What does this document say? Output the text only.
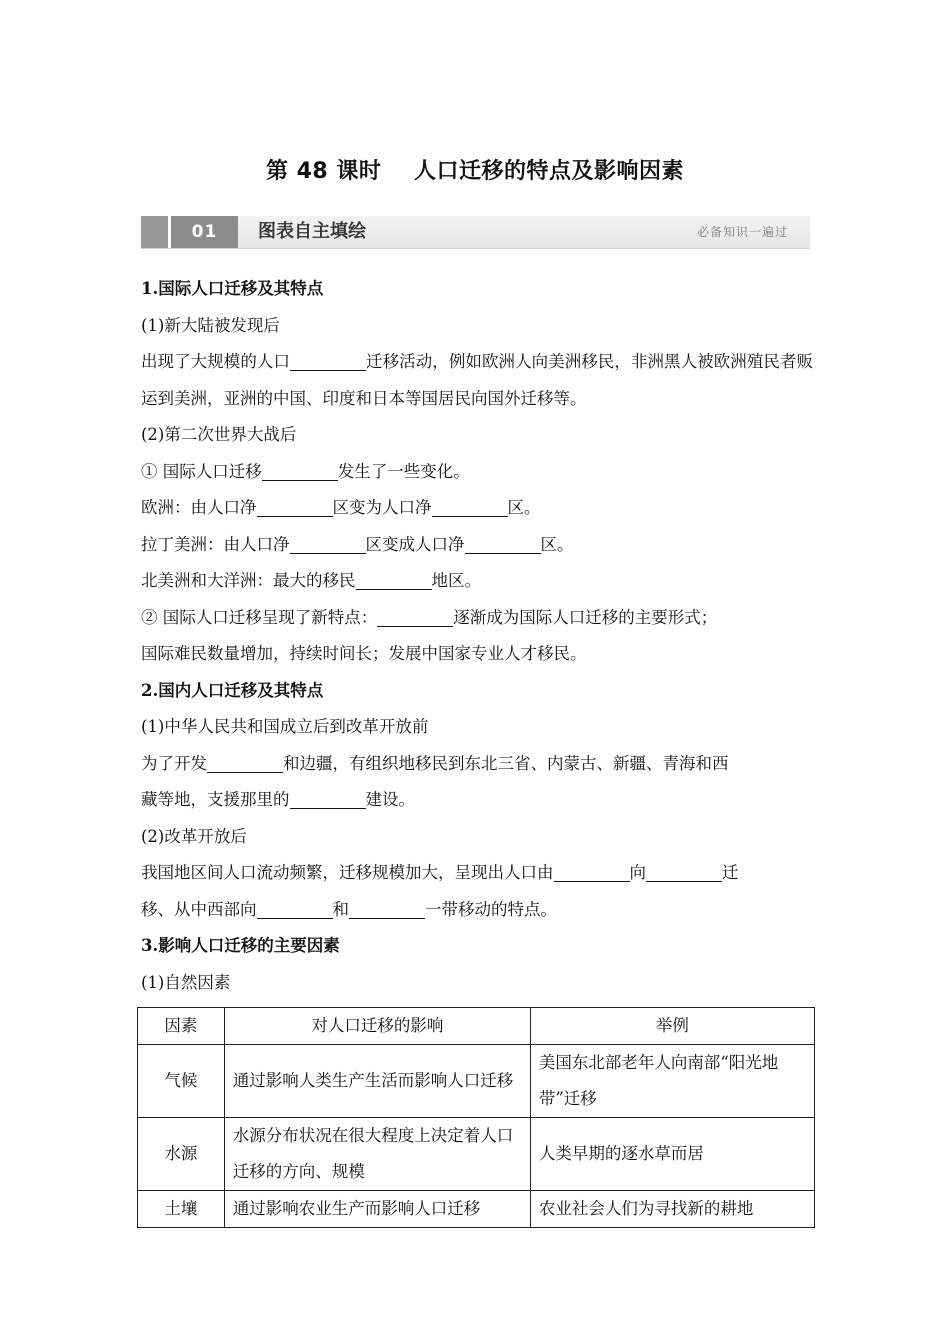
第 48 课时    人口迁移的特点及影响因素
01	图表自主填绘	必备知识一遍过

1.国际人口迁移及其特点

(1)新大陆被发现后

出现了大规模的人口	迁移活动，例如欧洲人向美洲移民，非洲黑人被欧洲殖民者贩运到美洲，亚洲的中国、印度和日本等国居民向国外迁移等。

(2)第二次世界大战后

① 国际人口迁移	发生了一些变化。

欧洲：由人口净	区变为人口净	区。

拉丁美洲：由人口净	区变成人口净	区。

北美洲和大洋洲：最大的移民	地区。

② 国际人口迁移呈现了新特点：	逐渐成为国际人口迁移的主要形式；

国际难民数量增加，持续时间长；发展中国家专业人才移民。

2.国内人口迁移及其特点

(1)中华人民共和国成立后到改革开放前

为了开发	和边疆，有组织地移民到东北三省、内蒙古、新疆、青海和西

藏等地，支援那里的	建设。

(2)改革开放后

我国地区间人口流动频繁，迁移规模加大，呈现出人口由	向	迁

移、从中西部向	和	一带移动的特点。

3.影响人口迁移的主要因素

(1)自然因素

因素	对人口迁移的影响	举例
气候	通过影响人类生产生活而影响人口迁移	美国东北部老年人向南部“阳光地带”迁移
水源	水源分布状况在很大程度上决定着人口迁移的方向、规模	人类早期的逐水草而居
土壤	通过影响农业生产而影响人口迁移	农业社会人们为寻找新的耕地
